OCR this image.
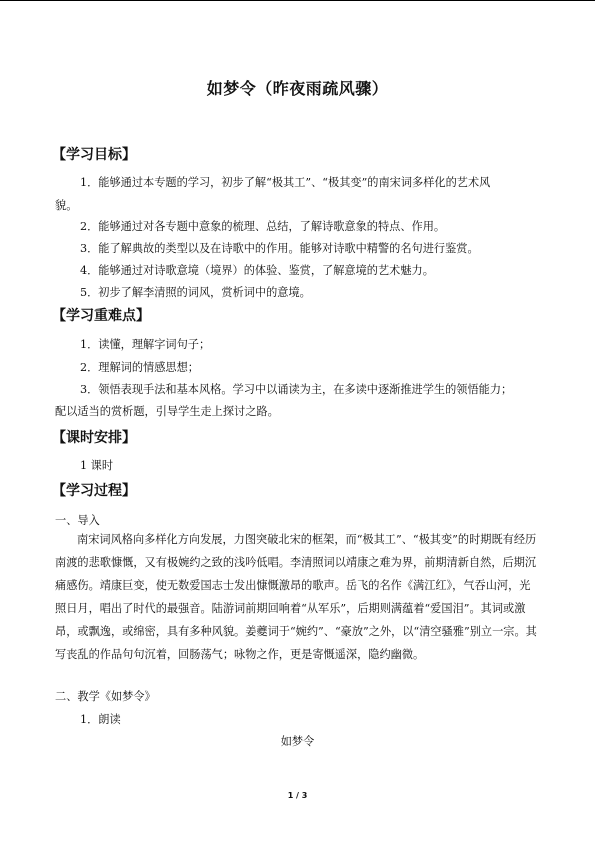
如梦令（昨夜雨疏风骤）
【学习目标】
1．能够通过本专题的学习，初步了解“极其工”、“极其变”的南宋词多样化的艺术风
貌。
2．能够通过对各专题中意象的梳理、总结，了解诗歌意象的特点、作用。
3．能了解典故的类型以及在诗歌中的作用。能够对诗歌中精警的名句进行鉴赏。
4．能够通过对诗歌意境（境界）的体验、鉴赏，了解意境的艺术魅力。
5．初步了解李清照的词风，赏析词中的意境。
【学习重难点】
1．读懂，理解字词句子；
2．理解词的情感思想；
3．领悟表现手法和基本风格。学习中以诵读为主，在多读中逐渐推进学生的领悟能力；
配以适当的赏析题，引导学生走上探讨之路。
【课时安排】
1 课时
【学习过程】
一、导入

南宋词风格向多样化方向发展，力图突破北宋的框架，而“极其工”、“极其变”的时期既有经历南渡的悲歌慷慨，又有极婉约之致的浅吟低唱。李清照词以靖康之难为界，前期清新自然，后期沉痛感伤。靖康巨变，使无数爱国志士发出慷慨激昂的歌声。岳飞的名作《满江红》，气吞山河，光照日月，唱出了时代的最强音。陆游词前期回响着“从军乐”，后期则满蕴着“爱国泪”。其词或激昂，或飘逸，或绵密，具有多种风貌。姜夔词于“婉约”、“豪放”之外，以“清空骚雅”别立一宗。其写丧乱的作品句句沉着，回肠荡气；咏物之作，更是寄慨遥深，隐约幽微。

二、教学《如梦令》
1．朗读
如梦令
1 / 3
